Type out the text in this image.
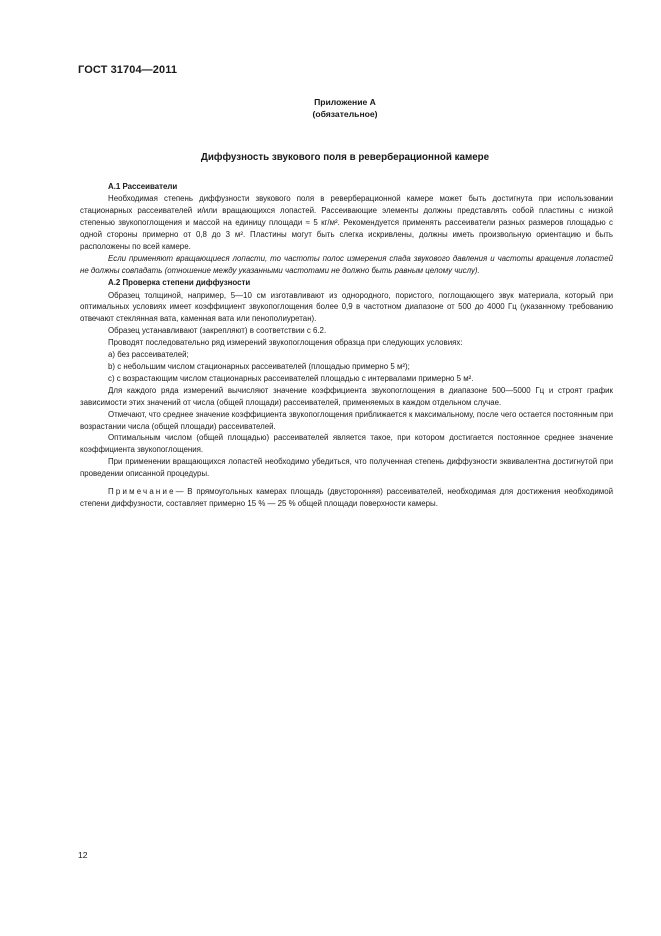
ГОСТ 31704—2011
Приложение А
(обязательное)
Диффузность звукового поля в реверберационной камере

А.1 Рассеиватели

Необходимая степень диффузности звукового поля в реверберационной камере может быть достигнута при использовании стационарных рассеивателей и/или вращающихся лопастей. Рассеивающие элементы должны представлять собой пластины с низкой степенью звукопоглощения и массой на единицу площади ≈ 5 кг/м². Рекомендуется применять рассеиватели разных размеров площадью с одной стороны примерно от 0,8 до 3 м². Пластины могут быть слегка искривлены, должны иметь произвольную ориентацию и быть расположены по всей камере.

Если применяют вращающиеся лопасти, то частоты полос измерения спада звукового давления и частоты вращения лопастей не должны совпадать (отношение между указанными частотами не должно быть равным целому числу).

А.2 Проверка степени диффузности

Образец толщиной, например, 5—10 см изготавливают из однородного, пористого, поглощающего звук материала, который при оптимальных условиях имеет коэффициент звукопоглощения более 0,9 в частотном диапазоне от 500 до 4000 Гц (указанному требованию отвечают стеклянная вата, каменная вата или пенополиуретан).

Образец устанавливают (закрепляют) в соответствии с 6.2.

Проводят последовательно ряд измерений звукопоглощения образца при следующих условиях:

a) без рассеивателей;

b) с небольшим числом стационарных рассеивателей (площадью примерно 5 м²);

c) с возрастающим числом стационарных рассеивателей площадью с интервалами примерно 5 м².

Для каждого ряда измерений вычисляют значение коэффициента звукопоглощения в диапазоне 500—5000 Гц и строят график зависимости этих значений от числа (общей площади) рассеивателей, применяемых в каждом отдельном случае.

Отмечают, что среднее значение коэффициента звукопоглощения приближается к максимальному, после чего остается постоянным при возрастании числа (общей площади) рассеивателей.

Оптимальным числом (общей площадью) рассеивателей является такое, при котором достигается постоянное среднее значение коэффициента звукопоглощения.

При применении вращающихся лопастей необходимо убедиться, что полученная степень диффузности эквивалентна достигнутой при проведении описанной процедуры.

Примечание— В прямоугольных камерах площадь (двусторонняя) рассеивателей, необходимая для достижения необходимой степени диффузности, составляет примерно 15 % — 25 % общей площади поверхности камеры.

12
